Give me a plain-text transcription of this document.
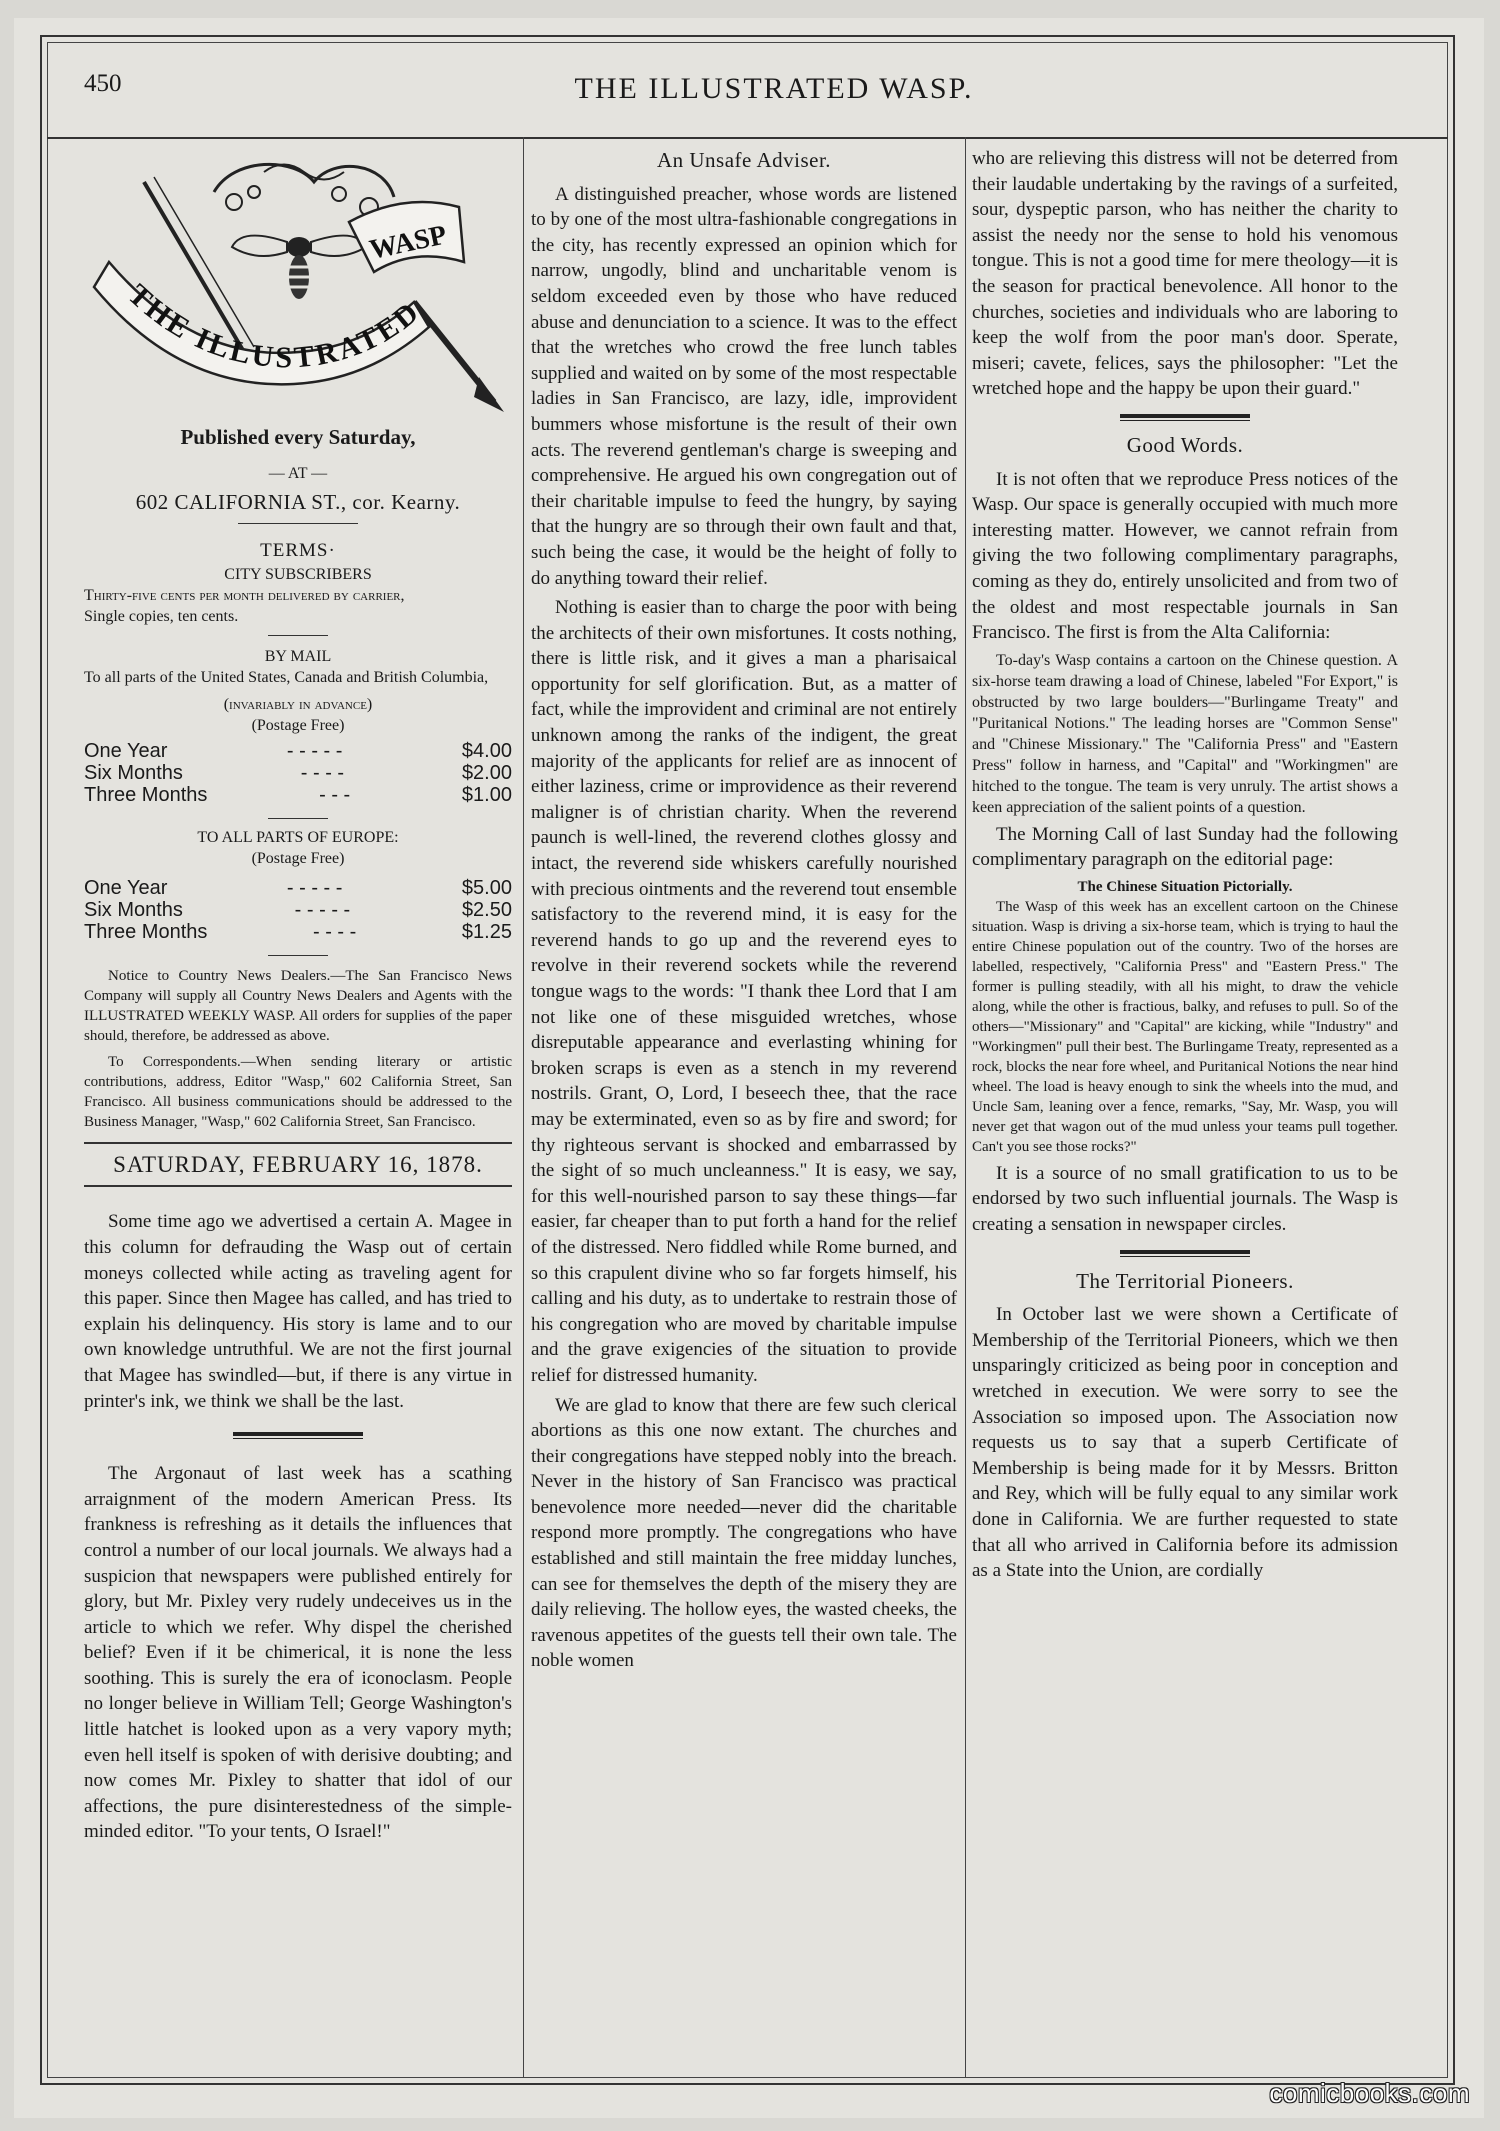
450	THE ILLUSTRATED WASP.
THE ILLUSTRATED
WASP
Published every Saturday,
— AT —
602 CALIFORNIA ST., cor. Kearny.
TERMS·
CITY SUBSCRIBERS
Thirty-five cents per month delivered by carrier,
Single copies, ten cents.
BY MAIL
To all parts of the United States, Canada and British Columbia,
(invariably in advance)
(Postage Free)
One Year	- - - - -	$4.00
Six Months	- - - -	$2.00
Three Months	- - -	$1.00
TO ALL PARTS OF EUROPE:
(Postage Free)
One Year	- - - - -	$5.00
Six Months	- - - - -	$2.50
Three Months	- - - -	$1.25

Notice to Country News Dealers.—The San Francisco News Company will supply all Country News Dealers and Agents with the ILLUSTRATED WEEKLY WASP. All orders for supplies of the paper should, therefore, be addressed as above.

To Correspondents.—When sending literary or artistic contributions, address, Editor "Wasp," 602 California Street, San Francisco. All business communications should be addressed to the Business Manager, "Wasp," 602 California Street, San Francisco.

SATURDAY, FEBRUARY 16, 1878.

Some time ago we advertised a certain A. Magee in this column for defrauding the Wasp out of certain moneys collected while acting as traveling agent for this paper. Since then Magee has called, and has tried to explain his delinquency. His story is lame and to our own knowledge untruthful. We are not the first journal that Magee has swindled—but, if there is any virtue in printer's ink, we think we shall be the last.

The Argonaut of last week has a scathing arraignment of the modern American Press. Its frankness is refreshing as it details the influences that control a number of our local journals. We always had a suspicion that newspapers were published entirely for glory, but Mr. Pixley very rudely undeceives us in the article to which we refer. Why dispel the cherished belief? Even if it be chimerical, it is none the less soothing. This is surely the era of iconoclasm. People no longer believe in William Tell; George Washington's little hatchet is looked upon as a very vapory myth; even hell itself is spoken of with derisive doubting; and now comes Mr. Pixley to shatter that idol of our affections, the pure disinterestedness of the simple-minded editor. "To your tents, O Israel!"

An Unsafe Adviser.

A distinguished preacher, whose words are listened to by one of the most ultra-fashionable congregations in the city, has recently expressed an opinion which for narrow, ungodly, blind and uncharitable venom is seldom exceeded even by those who have reduced abuse and denunciation to a science. It was to the effect that the wretches who crowd the free lunch tables supplied and waited on by some of the most respectable ladies in San Francisco, are lazy, idle, improvident bummers whose misfortune is the result of their own acts. The reverend gentleman's charge is sweeping and comprehensive. He argued his own congregation out of their charitable impulse to feed the hungry, by saying that the hungry are so through their own fault and that, such being the case, it would be the height of folly to do anything toward their relief.

Nothing is easier than to charge the poor with being the architects of their own misfortunes. It costs nothing, there is little risk, and it gives a man a pharisaical opportunity for self glorification. But, as a matter of fact, while the improvident and criminal are not entirely unknown among the ranks of the indigent, the great majority of the applicants for relief are as innocent of either laziness, crime or improvidence as their reverend maligner is of christian charity. When the reverend paunch is well-lined, the reverend clothes glossy and intact, the reverend side whiskers carefully nourished with precious ointments and the reverend tout ensemble satisfactory to the reverend mind, it is easy for the reverend hands to go up and the reverend eyes to revolve in their reverend sockets while the reverend tongue wags to the words: "I thank thee Lord that I am not like one of these misguided wretches, whose disreputable appearance and everlasting whining for broken scraps is even as a stench in my reverend nostrils. Grant, O, Lord, I beseech thee, that the race may be exterminated, even so as by fire and sword; for thy righteous servant is shocked and embarrassed by the sight of so much uncleanness." It is easy, we say, for this well-nourished parson to say these things—far easier, far cheaper than to put forth a hand for the relief of the distressed. Nero fiddled while Rome burned, and so this crapulent divine who so far forgets himself, his calling and his duty, as to undertake to restrain those of his congregation who are moved by charitable impulse and the grave exigencies of the situation to provide relief for distressed humanity.

We are glad to know that there are few such clerical abortions as this one now extant. The churches and their congregations have stepped nobly into the breach. Never in the history of San Francisco was practical benevolence more needed—never did the charitable respond more promptly. The congregations who have established and still maintain the free midday lunches, can see for themselves the depth of the misery they are daily relieving. The hollow eyes, the wasted cheeks, the ravenous appetites of the guests tell their own tale. The noble women

who are relieving this distress will not be deterred from their laudable undertaking by the ravings of a surfeited, sour, dyspeptic parson, who has neither the charity to assist the needy nor the sense to hold his venomous tongue. This is not a good time for mere theology—it is the season for practical benevolence. All honor to the churches, societies and individuals who are laboring to keep the wolf from the poor man's door. Sperate, miseri; cavete, felices, says the philosopher: "Let the wretched hope and the happy be upon their guard."

Good Words.

It is not often that we reproduce Press notices of the Wasp. Our space is generally occupied with much more interesting matter. However, we cannot refrain from giving the two following complimentary paragraphs, coming as they do, entirely unsolicited and from two of the oldest and most respectable journals in San Francisco. The first is from the Alta California:

To-day's Wasp contains a cartoon on the Chinese question. A six-horse team drawing a load of Chinese, labeled "For Export," is obstructed by two large boulders—"Burlingame Treaty" and "Puritanical Notions." The leading horses are "Common Sense" and "Chinese Missionary." The "California Press" and "Eastern Press" follow in harness, and "Capital" and "Workingmen" are hitched to the tongue. The team is very unruly. The artist shows a keen appreciation of the salient points of a question.

The Morning Call of last Sunday had the following complimentary paragraph on the editorial page:

The Chinese Situation Pictorially.

The Wasp of this week has an excellent cartoon on the Chinese situation. Wasp is driving a six-horse team, which is trying to haul the entire Chinese population out of the country. Two of the horses are labelled, respectively, "California Press" and "Eastern Press." The former is pulling steadily, with all his might, to draw the vehicle along, while the other is fractious, balky, and refuses to pull. So of the others—"Missionary" and "Capital" are kicking, while "Industry" and "Workingmen" pull their best. The Burlingame Treaty, represented as a rock, blocks the near fore wheel, and Puritanical Notions the near hind wheel. The load is heavy enough to sink the wheels into the mud, and Uncle Sam, leaning over a fence, remarks, "Say, Mr. Wasp, you will never get that wagon out of the mud unless your teams pull together. Can't you see those rocks?"

It is a source of no small gratification to us to be endorsed by two such influential journals. The Wasp is creating a sensation in newspaper circles.

The Territorial Pioneers.

In October last we were shown a Certificate of Membership of the Territorial Pioneers, which we then unsparingly criticized as being poor in conception and wretched in execution. We were sorry to see the Association so imposed upon. The Association now requests us to say that a superb Certificate of Membership is being made for it by Messrs. Britton and Rey, which will be fully equal to any similar work done in California. We are further requested to state that all who arrived in California before its admission as a State into the Union, are cordially

comicbooks.com
